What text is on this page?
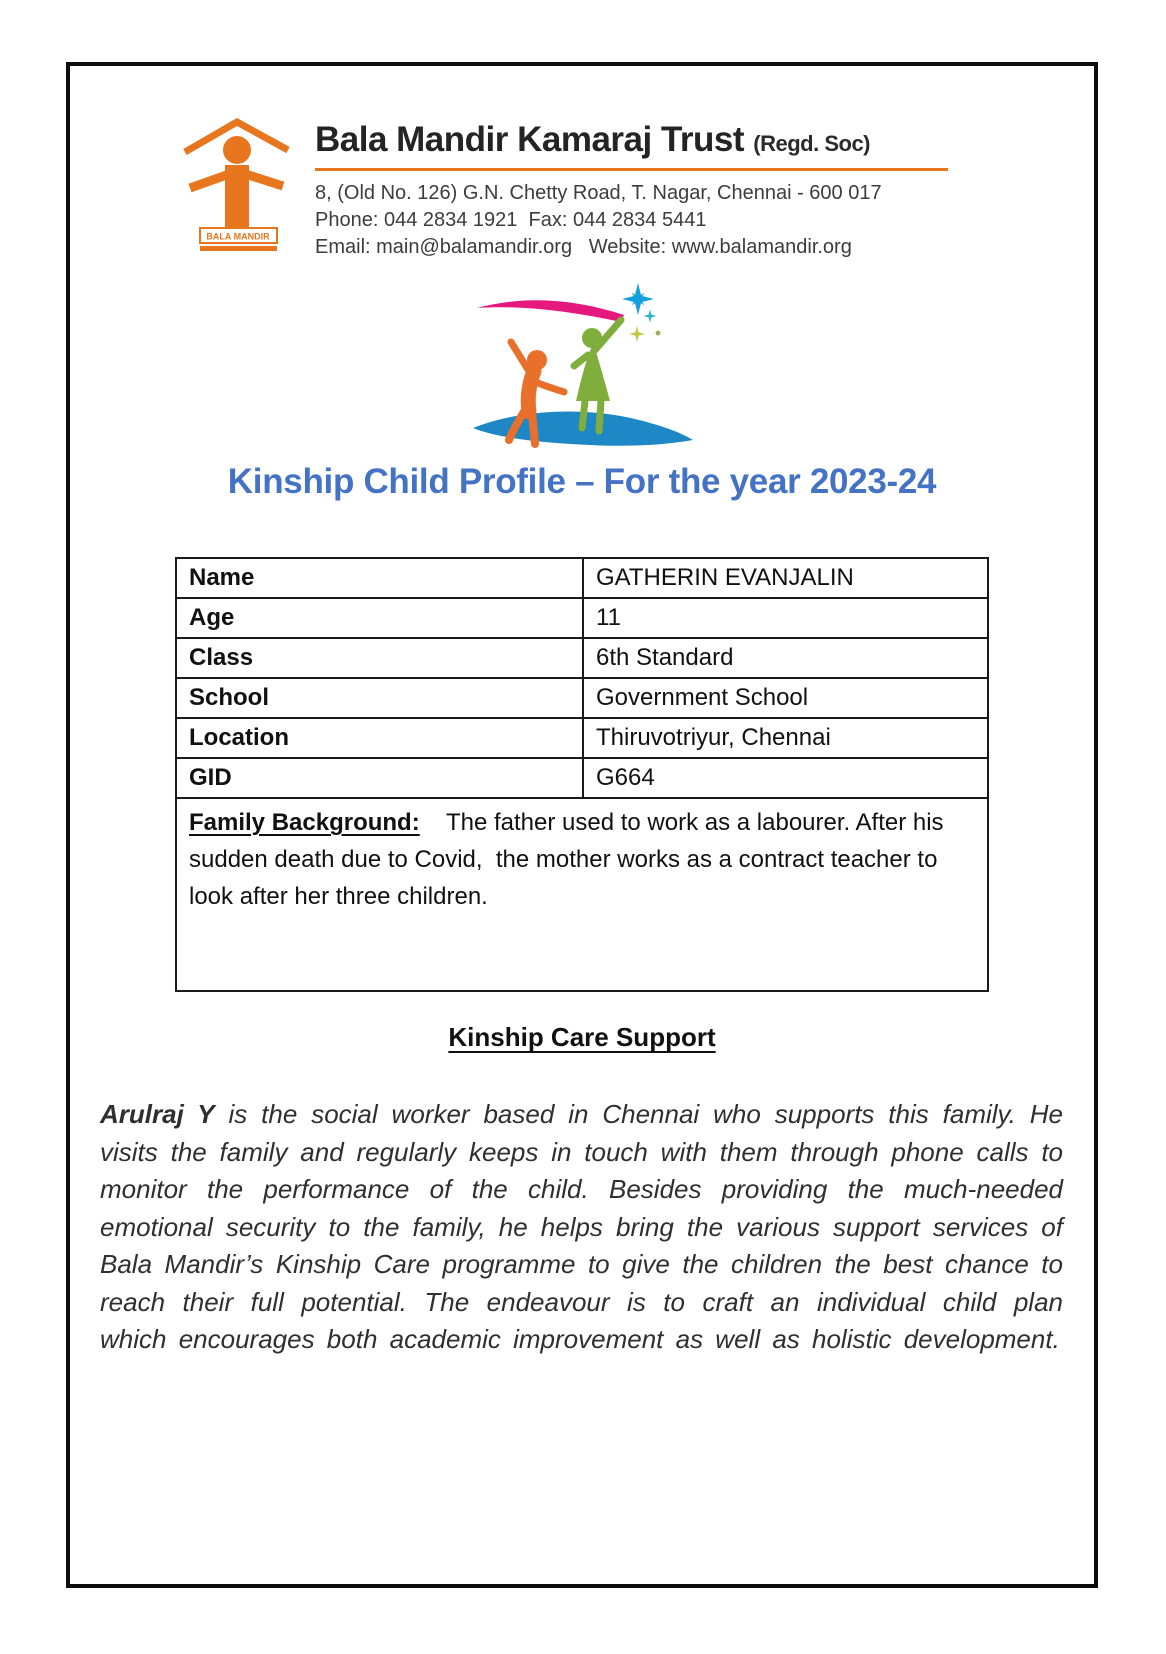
BALA MANDIR
Bala Mandir Kamaraj Trust (Regd. Soc)
8, (Old No. 126) G.N. Chetty Road, T. Nagar, Chennai - 600 017
Phone: 044 2834 1921  Fax: 044 2834 5441
Email: main@balamandir.org   Website: www.balamandir.org
Kinship Child Profile – For the year 2023-24
Name	GATHERIN EVANJALIN
Age	11
Class	6th Standard
School	Government School
Location	Thiruvotriyur, Chennai
GID	G664
Family Background:    The father used to work as a labourer. After his sudden death due to Covid,  the mother works as a contract teacher to look after her three children.	
Kinship Care Support

Arulraj Y is the social worker based in Chennai who supports this family. He visits the family and regularly keeps in touch with them through phone calls to monitor the performance of the child. Besides providing the much-needed emotional security to the family, he helps bring the various support services of Bala Mandir’s Kinship Care programme to give the children the best chance to reach their full potential. The endeavour is to craft an individual child plan which encourages both academic improvement as well as holistic development.
